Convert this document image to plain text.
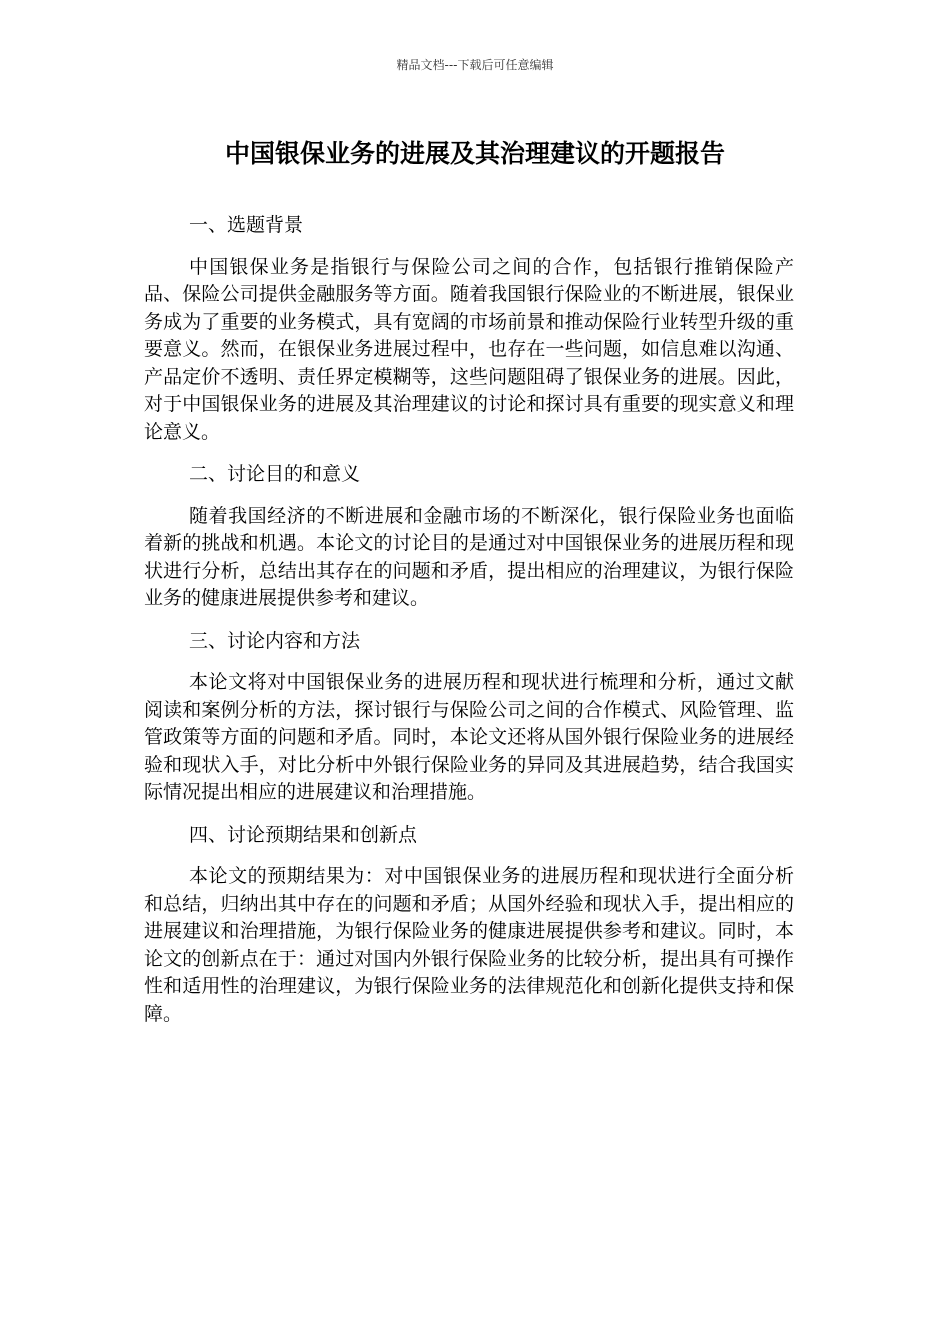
精品文档---下载后可任意编辑
中国银保业务的进展及其治理建议的开题报告

一、选题背景

中国银保业务是指银行与保险公司之间的合作，包括银行推销保险产品、保险公司提供金融服务等方面。随着我国银行保险业的不断进展，银保业务成为了重要的业务模式，具有宽阔的市场前景和推动保险行业转型升级的重要意义。然而，在银保业务进展过程中，也存在一些问题，如信息难以沟通、产品定价不透明、责任界定模糊等，这些问题阻碍了银保业务的进展。因此，对于中国银保业务的进展及其治理建议的讨论和探讨具有重要的现实意义和理论意义。

二、讨论目的和意义

随着我国经济的不断进展和金融市场的不断深化，银行保险业务也面临着新的挑战和机遇。本论文的讨论目的是通过对中国银保业务的进展历程和现状进行分析，总结出其存在的问题和矛盾，提出相应的治理建议，为银行保险业务的健康进展提供参考和建议。

三、讨论内容和方法

本论文将对中国银保业务的进展历程和现状进行梳理和分析，通过文献阅读和案例分析的方法，探讨银行与保险公司之间的合作模式、风险管理、监管政策等方面的问题和矛盾。同时，本论文还将从国外银行保险业务的进展经验和现状入手，对比分析中外银行保险业务的异同及其进展趋势，结合我国实际情况提出相应的进展建议和治理措施。

四、讨论预期结果和创新点

本论文的预期结果为：对中国银保业务的进展历程和现状进行全面分析和总结，归纳出其中存在的问题和矛盾；从国外经验和现状入手，提出相应的进展建议和治理措施，为银行保险业务的健康进展提供参考和建议。同时，本论文的创新点在于：通过对国内外银行保险业务的比较分析，提出具有可操作性和适用性的治理建议，为银行保险业务的法律规范化和创新化提供支持和保障。
